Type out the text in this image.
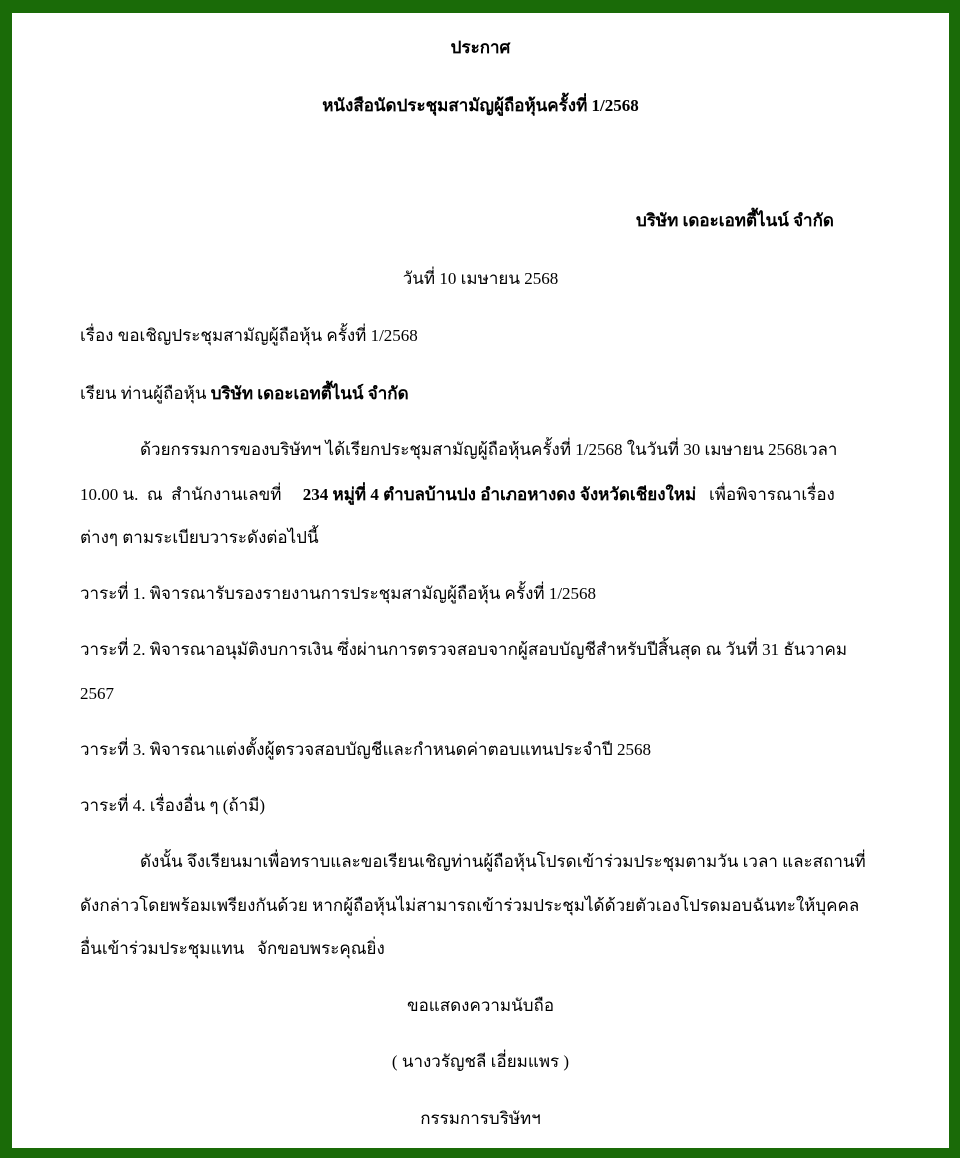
ประกาศ
หนังสือนัดประชุมสามัญผู้ถือหุ้นครั้งที่ 1/2568
บริษัท เดอะเอทตี้ไนน์ จำกัด
วันที่ 10 เมษายน 2568
เรื่อง ขอเชิญประชุมสามัญผู้ถือหุ้น ครั้งที่ 1/2568
เรียน ท่านผู้ถือหุ้น บริษัท เดอะเอทตี้ไนน์ จำกัด
ด้วยกรรมการของบริษัทฯ ได้เรียกประชุมสามัญผู้ถือหุ้นครั้งที่ 1/2568 ในวันที่ 30 เมษายน 2568เวลา
10.00 น.  ณ  สำนักงานเลขที่     234 หมู่ที่ 4 ตำบลบ้านปง อำเภอหางดง จังหวัดเชียงใหม่   เพื่อพิจารณาเรื่อง
ต่างๆ ตามระเบียบวาระดังต่อไปนี้
วาระที่ 1. พิจารณารับรองรายงานการประชุมสามัญผู้ถือหุ้น ครั้งที่ 1/2568
วาระที่ 2. พิจารณาอนุมัติงบการเงิน ซึ่งผ่านการตรวจสอบจากผู้สอบบัญชีสำหรับปีสิ้นสุด ณ วันที่ 31 ธันวาคม
2567
วาระที่ 3. พิจารณาแต่งตั้งผู้ตรวจสอบบัญชีและกำหนดค่าตอบแทนประจำปี 2568
วาระที่ 4. เรื่องอื่น ๆ (ถ้ามี)
ดังนั้น จึงเรียนมาเพื่อทราบและขอเรียนเชิญท่านผู้ถือหุ้นโปรดเข้าร่วมประชุมตามวัน เวลา และสถานที่
ดังกล่าวโดยพร้อมเพรียงกันด้วย หากผู้ถือหุ้นไม่สามารถเข้าร่วมประชุมได้ด้วยตัวเองโปรดมอบฉันทะให้บุคคล
อื่นเข้าร่วมประชุมแทน   จักขอบพระคุณยิ่ง
ขอแสดงความนับถือ
( นางวรัญชลี เอี่ยมแพร )
กรรมการบริษัทฯ
